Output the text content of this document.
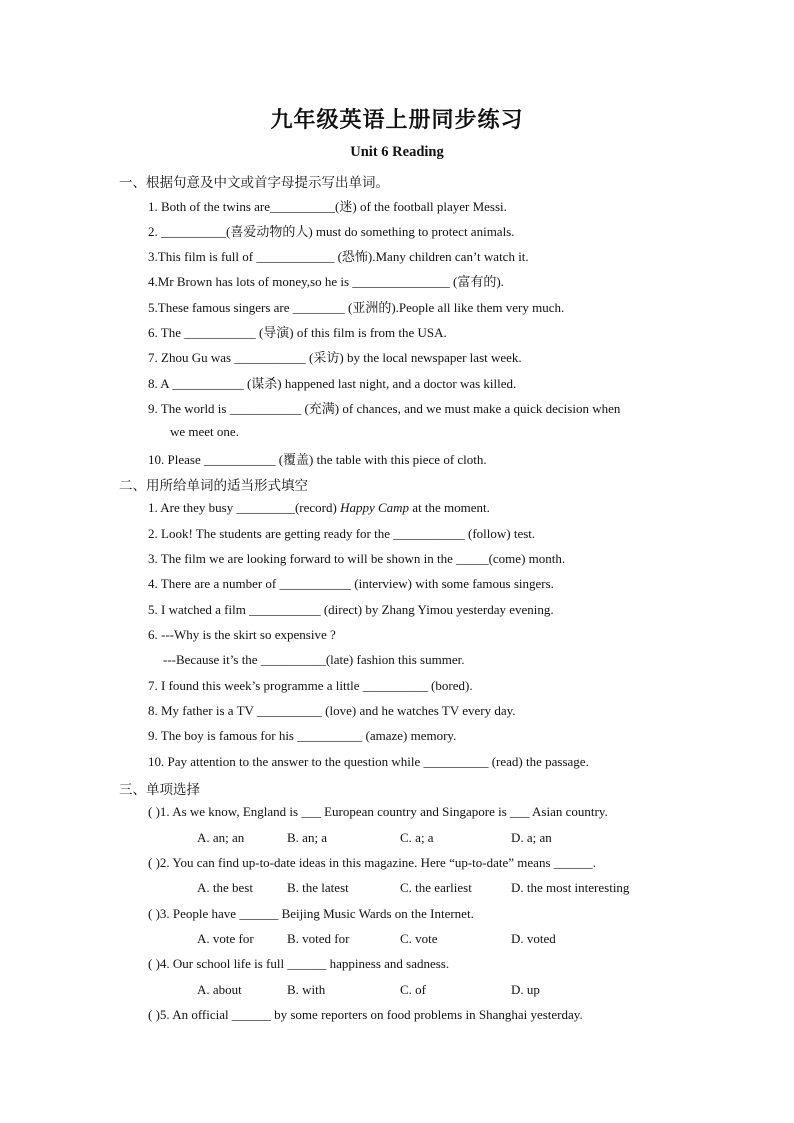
九年级英语上册同步练习
Unit 6 Reading
一、根据句意及中文或首字母提示写出单词。
1. Both of the twins are__________(迷) of the football player Messi.
2. __________(喜爱动物的人) must do something to protect animals.
3.This film is full of ____________ (恐怖).Many children can’t watch it.
4.Mr Brown has lots of money,so he is _______________ (富有的).
5.These famous singers are ________ (亚洲的).People all like them very much.
6. The ___________ (导演) of this film is from the USA.
7. Zhou Gu was ___________ (采访) by the local newspaper last week.
8. A ___________ (谋杀) happened last night, and a doctor was killed.
9. The world is ___________ (充满) of chances, and we must make a quick decision when
we meet one.
10. Please ___________ (覆盖) the table with this piece of cloth.
二、用所给单词的适当形式填空
1. Are they busy _________(record) Happy Camp at the moment.
2. Look! The students are getting ready for the ___________ (follow) test.
3. The film we are looking forward to will be shown in the _____(come) month.
4. There are a number of ___________ (interview) with some famous singers.
5. I watched a film ___________ (direct) by Zhang Yimou yesterday evening.
6. ---Why is the skirt so expensive ?
---Because it’s the __________(late) fashion this summer.
7. I found this week’s programme a little __________ (bored).
8. My father is a TV __________ (love) and he watches TV every day.
9. The boy is famous for his __________ (amaze) memory.
10. Pay attention to the answer to the question while __________ (read) the passage.
三、单项选择
( )1. As we know, England is ___ European country and Singapore is ___ Asian country.
A. an; an	B. an; a	C. a; a	D. a; an
( )2. You can find up-to-date ideas in this magazine. Here “up-to-date” means ______.
A. the best	B. the latest	C. the earliest	D. the most interesting
( )3. People have ______ Beijing Music Wards on the Internet.
A. vote for	B. voted for	C. vote	D. voted
( )4. Our school life is full ______ happiness and sadness.
A. about	B. with	C. of	D. up
( )5. An official ______ by some reporters on food problems in Shanghai yesterday.
